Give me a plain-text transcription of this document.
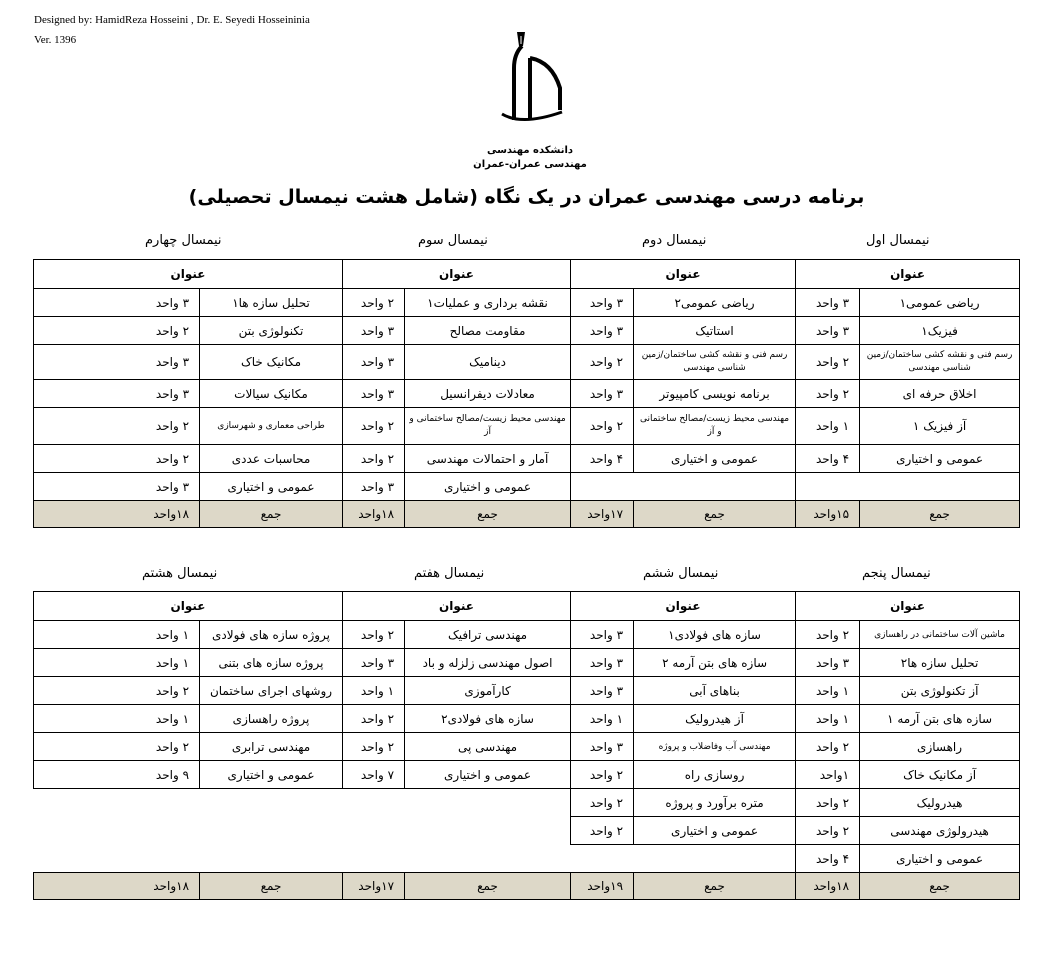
Designed by: HamidReza Hosseini , Dr. E. Seyedi Hosseininia
Ver. 1396
دانشکده مهندسی
مهندسی عمران-عمران
برنامه درسی مهندسی عمران در یک نگاه (شامل هشت نیمسال تحصیلی)
نیمسال اول
نیمسال دوم
نیمسال سوم
نیمسال چهارم
عنوان		عنوان		عنوان		عنوان	
ریاضی عمومی۱	۳ واحد	ریاضی عمومی۲	۳ واحد	نقشه برداری و عملیات۱	۲ واحد	تحلیل سازه ها۱	۳ واحد
فیزیک۱	۳ واحد	استاتیک	۳ واحد	مقاومت مصالح	۳ واحد	تکنولوژی بتن	۲ واحد
رسم فنی و نقشه کشی ساختمان/زمین شناسی مهندسی	۲ واحد	رسم فنی و نقشه کشی ساختمان/زمین شناسی مهندسی	۲ واحد	دینامیک	۳ واحد	مکانیک خاک	۳ واحد
اخلاق حرفه ای	۲ واحد	برنامه نویسی کامپیوتر	۳ واحد	معادلات دیفرانسیل	۳ واحد	مکانیک سیالات	۳ واحد
آز فیزیک ۱	۱ واحد	مهندسی محیط زیست/مصالح ساختمانی و آز	۲ واحد	مهندسی محیط زیست/مصالح ساختمانی و آز	۲ واحد	طراحی معماری و شهرسازی	۲ واحد
عمومی و اختیاری	۴ واحد	عمومی و اختیاری	۴ واحد	آمار و احتمالات مهندسی	۲ واحد	محاسبات عددی	۲ واحد
				عمومی و اختیاری	۳ واحد	عمومی و اختیاری	۳ واحد
جمع	۱۵واحد	جمع	۱۷واحد	جمع	۱۸واحد	جمع	۱۸واحد
نیمسال پنجم
نیمسال ششم
نیمسال هفتم
نیمسال هشتم
عنوان		عنوان		عنوان		عنوان	
ماشین آلات ساختمانی در راهسازی	۲ واحد	سازه های فولادی۱	۳ واحد	مهندسی ترافیک	۲ واحد	پروژه سازه های فولادی	۱ واحد
تحلیل سازه ها۲	۳ واحد	سازه های بتن آرمه ۲	۳ واحد	اصول مهندسی زلزله و باد	۳ واحد	پروژه سازه های بتنی	۱ واحد
آز تکنولوژی بتن	۱ واحد	بناهای آبی	۳ واحد	کارآموزی	۱ واحد	روشهای اجرای ساختمان	۲ واحد
سازه های بتن آرمه ۱	۱ واحد	آز هیدرولیک	۱ واحد	سازه های فولادی۲	۲ واحد	پروژه راهسازی	۱ واحد
راهسازی	۲ واحد	مهندسی آب وفاضلاب و پروژه	۳ واحد	مهندسی پی	۲ واحد	مهندسی ترابری	۲ واحد
آز مکانیک خاک	۱واحد	روسازی راه	۲ واحد	عمومی و اختیاری	۷ واحد	عمومی و اختیاری	۹ واحد
هیدرولیک	۲ واحد	متره برآورد و پروژه	۲ واحد				
هیدرولوژی مهندسی	۲ واحد	عمومی و اختیاری	۲ واحد				
عمومی و اختیاری	۴ واحد						
جمع	۱۸واحد	جمع	۱۹واحد	جمع	۱۷واحد	جمع	۱۸واحد
